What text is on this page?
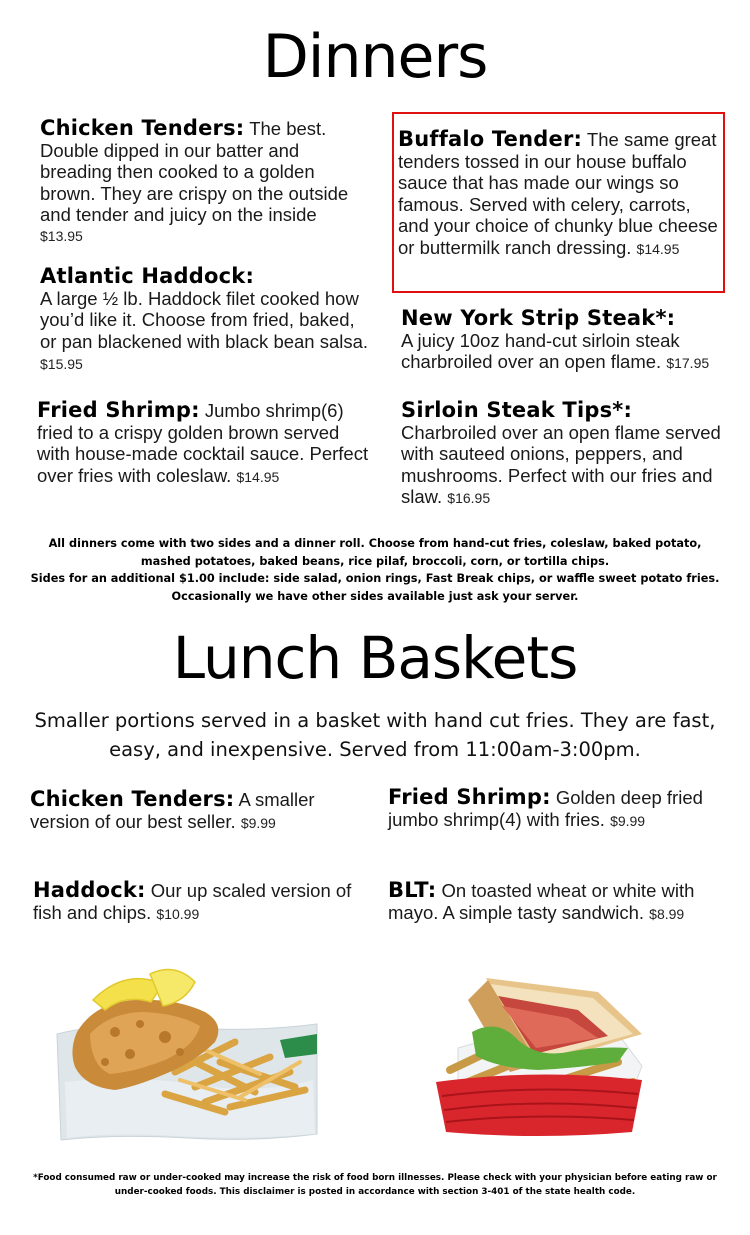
Dinners
Chicken Tenders: The best.
Double dipped in our batter and breading then cooked to a golden brown. They are crispy on the outside and tender and juicy on the inside
$13.95
Buffalo Tender: The same great tenders tossed in our house buffalo sauce that has made our wings so famous. Served with celery, carrots, and your choice of chunky blue cheese or buttermilk ranch dressing. $14.95
Atlantic Haddock:
A large ½ lb. Haddock filet cooked how you’d like it. Choose from fried, baked, or pan blackened with black bean salsa. $15.95
New York Strip Steak*:
A juicy 10oz hand-cut sirloin steak charbroiled over an open flame. $17.95
Fried Shrimp: Jumbo shrimp(6) fried to a crispy golden brown served with house-made cocktail sauce. Perfect over fries with coleslaw. $14.95
Sirloin Steak Tips*:
Charbroiled over an open flame served with sauteed onions, peppers, and mushrooms. Perfect with our fries and slaw. $16.95
All dinners come with two sides and a dinner roll. Choose from hand-cut fries, coleslaw, baked potato, mashed potatoes, baked beans, rice pilaf, broccoli, corn, or tortilla chips.
Sides for an additional $1.00 include: side salad, onion rings, Fast Break chips, or waffle sweet potato fries. Occasionally we have other sides available just ask your server.
Lunch Baskets

Smaller portions served in a basket with hand cut fries. They are fast, easy, and inexpensive. Served from 11:00am-3:00pm.

Chicken Tenders: A smaller version of our best seller. $9.99
Fried Shrimp: Golden deep fried jumbo shrimp(4) with fries. $9.99
Haddock: Our up scaled version of fish and chips. $10.99
BLT: On toasted wheat or white with mayo. A simple tasty sandwich. $8.99

*Food consumed raw or under-cooked may increase the risk of food born illnesses. Please check with your physician before eating raw or under-cooked foods. This disclaimer is posted in accordance with section 3-401 of the state health code.
